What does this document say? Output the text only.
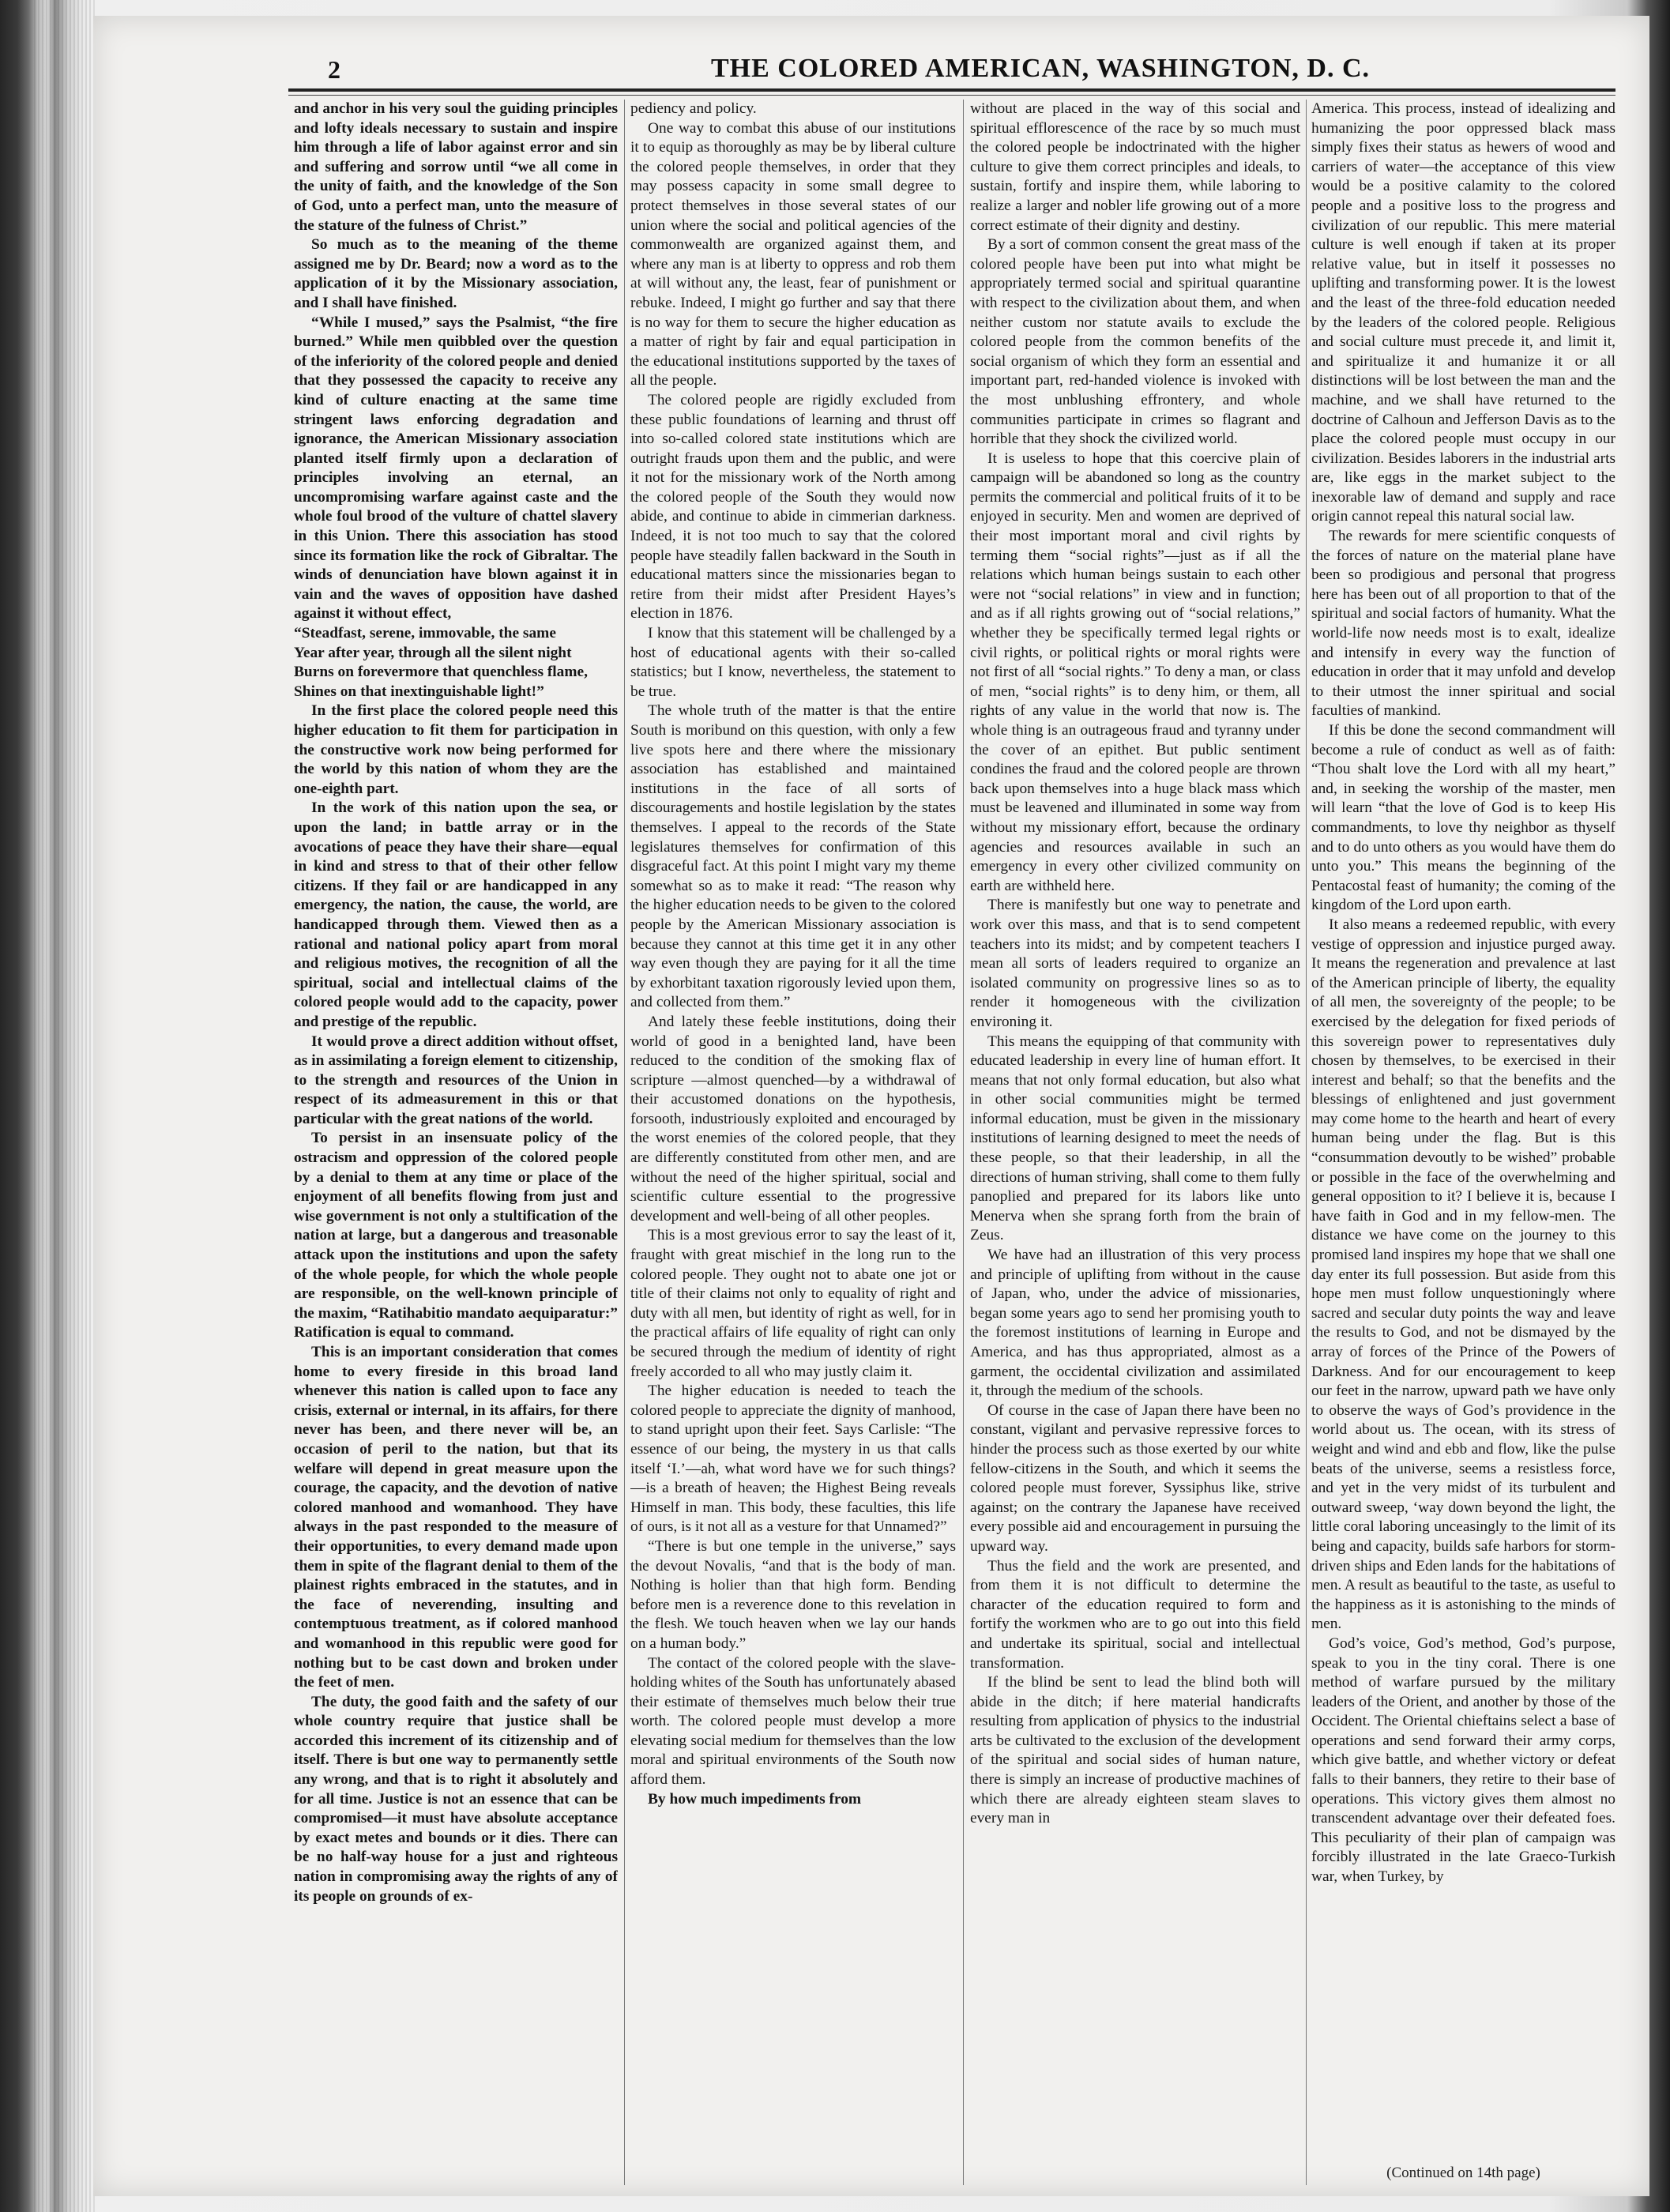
2	THE COLORED AMERICAN, WASHINGTON, D. C.

and anchor in his very soul the guiding principles and lofty ideals necessary to sustain and inspire him through a life of labor against error and sin and suffering and sorrow until “we all come in the unity of faith, and the knowledge of the Son of God, unto a perfect man, unto the measure of the stature of the fulness of Christ.”

So much as to the meaning of the theme assigned me by Dr. Beard; now a word as to the application of it by the Missionary association, and I shall have finished.

“While I mused,” says the Psalmist, “the fire burned.” While men quibbled over the question of the inferiority of the colored people and denied that they possessed the capacity to receive any kind of culture enacting at the same time stringent laws enforcing degradation and ignorance, the American Missionary association planted itself firmly upon a declaration of principles involving an eternal, an uncompromising warfare against caste and the whole foul brood of the vulture of chattel slavery in this Union. There this association has stood since its formation like the rock of Gibraltar. The winds of denunciation have blown against it in vain and the waves of opposition have dashed against it without effect,

“Steadfast, serene, immovable, the same

Year after year, through all the silent night

Burns on forevermore that quenchless flame,

Shines on that inextinguishable light!”

In the first place the colored people need this higher education to fit them for participation in the constructive work now being performed for the world by this nation of whom they are the one-eighth part.

In the work of this nation upon the sea, or upon the land; in battle array or in the avocations of peace they have their share—equal in kind and stress to that of their other fellow citizens. If they fail or are handicapped in any emergency, the nation, the cause, the world, are handicapped through them. Viewed then as a rational and national policy apart from moral and religious motives, the recognition of all the spiritual, social and intellectual claims of the colored people would add to the capacity, power and prestige of the republic.

It would prove a direct addition without offset, as in assimilating a foreign element to citizenship, to the strength and resources of the Union in respect of its admeasurement in this or that particular with the great nations of the world.

To persist in an insensuate policy of the ostracism and oppression of the colored people by a denial to them at any time or place of the enjoyment of all benefits flowing from just and wise government is not only a stultification of the nation at large, but a dangerous and treasonable attack upon the institutions and upon the safety of the whole people, for which the whole people are responsible, on the well-known principle of the maxim, “Ratihabitio mandato aequiparatur:” Ratification is equal to command.

This is an important consideration that comes home to every fireside in this broad land whenever this nation is called upon to face any crisis, external or internal, in its affairs, for there never has been, and there never will be, an occasion of peril to the nation, but that its welfare will depend in great measure upon the courage, the capacity, and the devotion of native colored manhood and womanhood. They have always in the past responded to the measure of their opportunities, to every demand made upon them in spite of the flagrant denial to them of the plainest rights embraced in the statutes, and in the face of neverending, insulting and contemptuous treatment, as if colored manhood and womanhood in this republic were good for nothing but to be cast down and broken under the feet of men.

The duty, the good faith and the safety of our whole country require that justice shall be accorded this increment of its citizenship and of itself. There is but one way to permanently settle any wrong, and that is to right it absolutely and for all time. Justice is not an essence that can be compromised—it must have absolute acceptance by exact metes and bounds or it dies. There can be no half-way house for a just and righteous nation in compromising away the rights of any of its people on grounds of ex-

pediency and policy.

One way to combat this abuse of our institutions it to equip as thoroughly as may be by liberal culture the colored people themselves, in order that they may possess capacity in some small degree to protect themselves in those several states of our union where the social and political agencies of the commonwealth are organized against them, and where any man is at liberty to oppress and rob them at will without any, the least, fear of punishment or rebuke. Indeed, I might go further and say that there is no way for them to secure the higher education as a matter of right by fair and equal participation in the educational institutions supported by the taxes of all the people.

The colored people are rigidly excluded from these public foundations of learning and thrust off into so-called colored state institutions which are outright frauds upon them and the public, and were it not for the missionary work of the North among the colored people of the South they would now abide, and continue to abide in cimmerian darkness. Indeed, it is not too much to say that the colored people have steadily fallen backward in the South in educational matters since the missionaries began to retire from their midst after President Hayes’s election in 1876.

I know that this statement will be challenged by a host of educational agents with their so-called statistics; but I know, nevertheless, the statement to be true.

The whole truth of the matter is that the entire South is moribund on this question, with only a few live spots here and there where the missionary association has established and maintained institutions in the face of all sorts of discouragements and hostile legislation by the states themselves. I appeal to the records of the State legislatures themselves for confirmation of this disgraceful fact. At this point I might vary my theme somewhat so as to make it read: “The reason why the higher education needs to be given to the colored people by the American Missionary association is because they cannot at this time get it in any other way even though they are paying for it all the time by exhorbitant taxation rigorously levied upon them, and collected from them.”

And lately these feeble institutions, doing their world of good in a benighted land, have been reduced to the condition of the smoking flax of scripture —almost quenched—by a withdrawal of their accustomed donations on the hypothesis, forsooth, industriously exploited and encouraged by the worst enemies of the colored people, that they are differently constituted from other men, and are without the need of the higher spiritual, social and scientific culture essential to the progressive development and well-being of all other peoples.

This is a most grevious error to say the least of it, fraught with great mischief in the long run to the colored people. They ought not to abate one jot or title of their claims not only to equality of right and duty with all men, but identity of right as well, for in the practical affairs of life equality of right can only be secured through the medium of identity of right freely accorded to all who may justly claim it.

The higher education is needed to teach the colored people to appreciate the dignity of manhood, to stand upright upon their feet. Says Carlisle: “The essence of our being, the mystery in us that calls itself ‘I.’—ah, what word have we for such things?—is a breath of heaven; the Highest Being reveals Himself in man. This body, these faculties, this life of ours, is it not all as a vesture for that Unnamed?”

“There is but one temple in the universe,” says the devout Novalis, “and that is the body of man. Nothing is holier than that high form. Bending before men is a reverence done to this revelation in the flesh. We touch heaven when we lay our hands on a human body.”

The contact of the colored people with the slave-holding whites of the South has unfortunately abased their estimate of themselves much below their true worth. The colored people must develop a more elevating social medium for themselves than the low moral and spiritual environments of the South now afford them.

By how much impediments from

without are placed in the way of this social and spiritual efflorescence of the race by so much must the colored people be indoctrinated with the higher culture to give them correct principles and ideals, to sustain, fortify and inspire them, while laboring to realize a larger and nobler life growing out of a more correct estimate of their dignity and destiny.

By a sort of common consent the great mass of the colored people have been put into what might be appropriately termed social and spiritual quarantine with respect to the civilization about them, and when neither custom nor statute avails to exclude the colored people from the common benefits of the social organism of which they form an essential and important part, red-handed violence is invoked with the most unblushing effrontery, and whole communities participate in crimes so flagrant and horrible that they shock the civilized world.

It is useless to hope that this coercive plain of campaign will be abandoned so long as the country permits the commercial and political fruits of it to be enjoyed in security. Men and women are deprived of their most important moral and civil rights by terming them “social rights”—just as if all the relations which human beings sustain to each other were not “social relations” in view and in function; and as if all rights growing out of “social relations,” whether they be specifically termed legal rights or civil rights, or political rights or moral rights were not first of all “social rights.” To deny a man, or class of men, “social rights” is to deny him, or them, all rights of any value in the world that now is. The whole thing is an outrageous fraud and tyranny under the cover of an epithet. But public sentiment condines the fraud and the colored people are thrown back upon themselves into a huge black mass which must be leavened and illuminated in some way from without my missionary effort, because the ordinary agencies and resources available in such an emergency in every other civilized community on earth are withheld here.

There is manifestly but one way to penetrate and work over this mass, and that is to send competent teachers into its midst; and by competent teachers I mean all sorts of leaders required to organize an isolated community on progressive lines so as to render it homogeneous with the civilization environing it.

This means the equipping of that community with educated leadership in every line of human effort. It means that not only formal education, but also what in other social communities might be termed informal education, must be given in the missionary institutions of learning designed to meet the needs of these people, so that their leadership, in all the directions of human striving, shall come to them fully panoplied and prepared for its labors like unto Menerva when she sprang forth from the brain of Zeus.

We have had an illustration of this very process and principle of uplifting from without in the cause of Japan, who, under the advice of missionaries, began some years ago to send her promising youth to the foremost institutions of learning in Europe and America, and has thus appropriated, almost as a garment, the occidental civilization and assimilated it, through the medium of the schools.

Of course in the case of Japan there have been no constant, vigilant and pervasive repressive forces to hinder the process such as those exerted by our white fellow-citizens in the South, and which it seems the colored people must forever, Syssiphus like, strive against; on the contrary the Japanese have received every possible aid and encouragement in pursuing the upward way.

Thus the field and the work are presented, and from them it is not difficult to determine the character of the education required to form and fortify the workmen who are to go out into this field and undertake its spiritual, social and intellectual transformation.

If the blind be sent to lead the blind both will abide in the ditch; if here material handicrafts resulting from application of physics to the industrial arts be cultivated to the exclusion of the development of the spiritual and social sides of human nature, there is simply an increase of productive machines of which there are already eighteen steam slaves to every man in

America. This process, instead of idealizing and humanizing the poor oppressed black mass simply fixes their status as hewers of wood and carriers of water—the acceptance of this view would be a positive calamity to the colored people and a positive loss to the progress and civilization of our republic. This mere material culture is well enough if taken at its proper relative value, but in itself it possesses no uplifting and transforming power. It is the lowest and the least of the three-fold education needed by the leaders of the colored people. Religious and social culture must precede it, and limit it, and spiritualize it and humanize it or all distinctions will be lost between the man and the machine, and we shall have returned to the doctrine of Calhoun and Jefferson Davis as to the place the colored people must occupy in our civilization. Besides laborers in the industrial arts are, like eggs in the market subject to the inexorable law of demand and supply and race origin cannot repeal this natural social law.

The rewards for mere scientific conquests of the forces of nature on the material plane have been so prodigious and personal that progress here has been out of all proportion to that of the spiritual and social factors of humanity. What the world-life now needs most is to exalt, idealize and intensify in every way the function of education in order that it may unfold and develop to their utmost the inner spiritual and social faculties of mankind.

If this be done the second commandment will become a rule of conduct as well as of faith: “Thou shalt love the Lord with all my heart,” and, in seeking the worship of the master, men will learn “that the love of God is to keep His commandments, to love thy neighbor as thyself and to do unto others as you would have them do unto you.” This means the beginning of the Pentacostal feast of humanity; the coming of the kingdom of the Lord upon earth.

It also means a redeemed republic, with every vestige of oppression and injustice purged away. It means the regeneration and prevalence at last of the American principle of liberty, the equality of all men, the sovereignty of the people; to be exercised by the delegation for fixed periods of this sovereign power to representatives duly chosen by themselves, to be exercised in their interest and behalf; so that the benefits and the blessings of enlightened and just government may come home to the hearth and heart of every human being under the flag. But is this “consummation devoutly to be wished” probable or possible in the face of the overwhelming and general opposition to it? I believe it is, because I have faith in God and in my fellow-men. The distance we have come on the journey to this promised land inspires my hope that we shall one day enter its full possession. But aside from this hope men must follow unquestioningly where sacred and secular duty points the way and leave the results to God, and not be dismayed by the array of forces of the Prince of the Powers of Darkness. And for our encouragement to keep our feet in the narrow, upward path we have only to observe the ways of God’s providence in the world about us. The ocean, with its stress of weight and wind and ebb and flow, like the pulse beats of the universe, seems a resistless force, and yet in the very midst of its turbulent and outward sweep, ‘way down beyond the light, the little coral laboring unceasingly to the limit of its being and capacity, builds safe harbors for storm-driven ships and Eden lands for the habitations of men. A result as beautiful to the taste, as useful to the happiness as it is astonishing to the minds of men.

God’s voice, God’s method, God’s purpose, speak to you in the tiny coral. There is one method of warfare pursued by the military leaders of the Orient, and another by those of the Occident. The Oriental chieftains select a base of operations and send forward their army corps, which give battle, and whether victory or defeat falls to their banners, they retire to their base of operations. This victory gives them almost no transcendent advantage over their defeated foes. This peculiarity of their plan of campaign was forcibly illustrated in the late Graeco-Turkish war, when Turkey, by

(Continued on 14th page)
